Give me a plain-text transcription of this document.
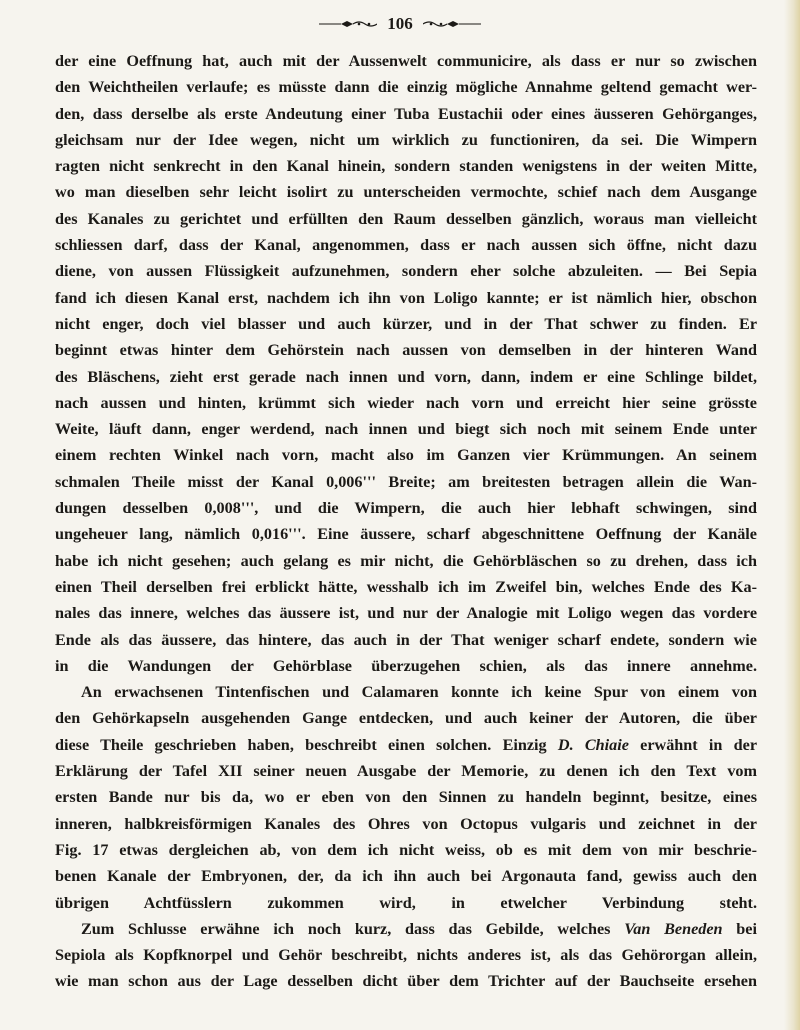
106
der eine Oeffnung hat, auch mit der Aussenwelt communicire, als dass er nur so zwischen
den Weichtheilen verlaufe; es müsste dann die einzig mögliche Annahme geltend gemacht wer-
den, dass derselbe als erste Andeutung einer Tuba Eustachii oder eines äusseren Gehörganges,
gleichsam nur der Idee wegen, nicht um wirklich zu functioniren, da sei. Die Wimpern
ragten nicht senkrecht in den Kanal hinein, sondern standen wenigstens in der weiten Mitte,
wo man dieselben sehr leicht isolirt zu unterscheiden vermochte, schief nach dem Ausgange
des Kanales zu gerichtet und erfüllten den Raum desselben gänzlich, woraus man vielleicht
schliessen darf, dass der Kanal, angenommen, dass er nach aussen sich öffne, nicht dazu
diene, von aussen Flüssigkeit aufzunehmen, sondern eher solche abzuleiten. — Bei Sepia
fand ich diesen Kanal erst, nachdem ich ihn von Loligo kannte; er ist nämlich hier, obschon
nicht enger, doch viel blasser und auch kürzer, und in der That schwer zu finden. Er
beginnt etwas hinter dem Gehörstein nach aussen von demselben in der hinteren Wand
des Bläschens, zieht erst gerade nach innen und vorn, dann, indem er eine Schlinge bildet,
nach aussen und hinten, krümmt sich wieder nach vorn und erreicht hier seine grösste
Weite, läuft dann, enger werdend, nach innen und biegt sich noch mit seinem Ende unter
einem rechten Winkel nach vorn, macht also im Ganzen vier Krümmungen. An seinem
schmalen Theile misst der Kanal 0,006''' Breite; am breitesten betragen allein die Wan-
dungen desselben 0,008''', und die Wimpern, die auch hier lebhaft schwingen, sind
ungeheuer lang, nämlich 0,016'''. Eine äussere, scharf abgeschnittene Oeffnung der Kanäle
habe ich nicht gesehen; auch gelang es mir nicht, die Gehörbläschen so zu drehen, dass ich
einen Theil derselben frei erblickt hätte, wesshalb ich im Zweifel bin, welches Ende des Ka-
nales das innere, welches das äussere ist, und nur der Analogie mit Loligo wegen das vordere
Ende als das äussere, das hintere, das auch in der That weniger scharf endete, sondern wie
in die Wandungen der Gehörblase überzugehen schien, als das innere annehme.
An erwachsenen Tintenfischen und Calamaren konnte ich keine Spur von einem von
den Gehörkapseln ausgehenden Gange entdecken, und auch keiner der Autoren, die über
diese Theile geschrieben haben, beschreibt einen solchen. Einzig D. Chiaie erwähnt in der
Erklärung der Tafel XII seiner neuen Ausgabe der Memorie, zu denen ich den Text vom
ersten Bande nur bis da, wo er eben von den Sinnen zu handeln beginnt, besitze, eines
inneren, halbkreisförmigen Kanales des Ohres von Octopus vulgaris und zeichnet in der
Fig. 17 etwas dergleichen ab, von dem ich nicht weiss, ob es mit dem von mir beschrie-
benen Kanale der Embryonen, der, da ich ihn auch bei Argonauta fand, gewiss auch den
übrigen Achtfüsslern zukommen wird, in etwelcher Verbindung steht.
Zum Schlusse erwähne ich noch kurz, dass das Gebilde, welches Van Beneden bei
Sepiola als Kopfknorpel und Gehör beschreibt, nichts anderes ist, als das Gehörorgan allein,
wie man schon aus der Lage desselben dicht über dem Trichter auf der Bauchseite ersehen
